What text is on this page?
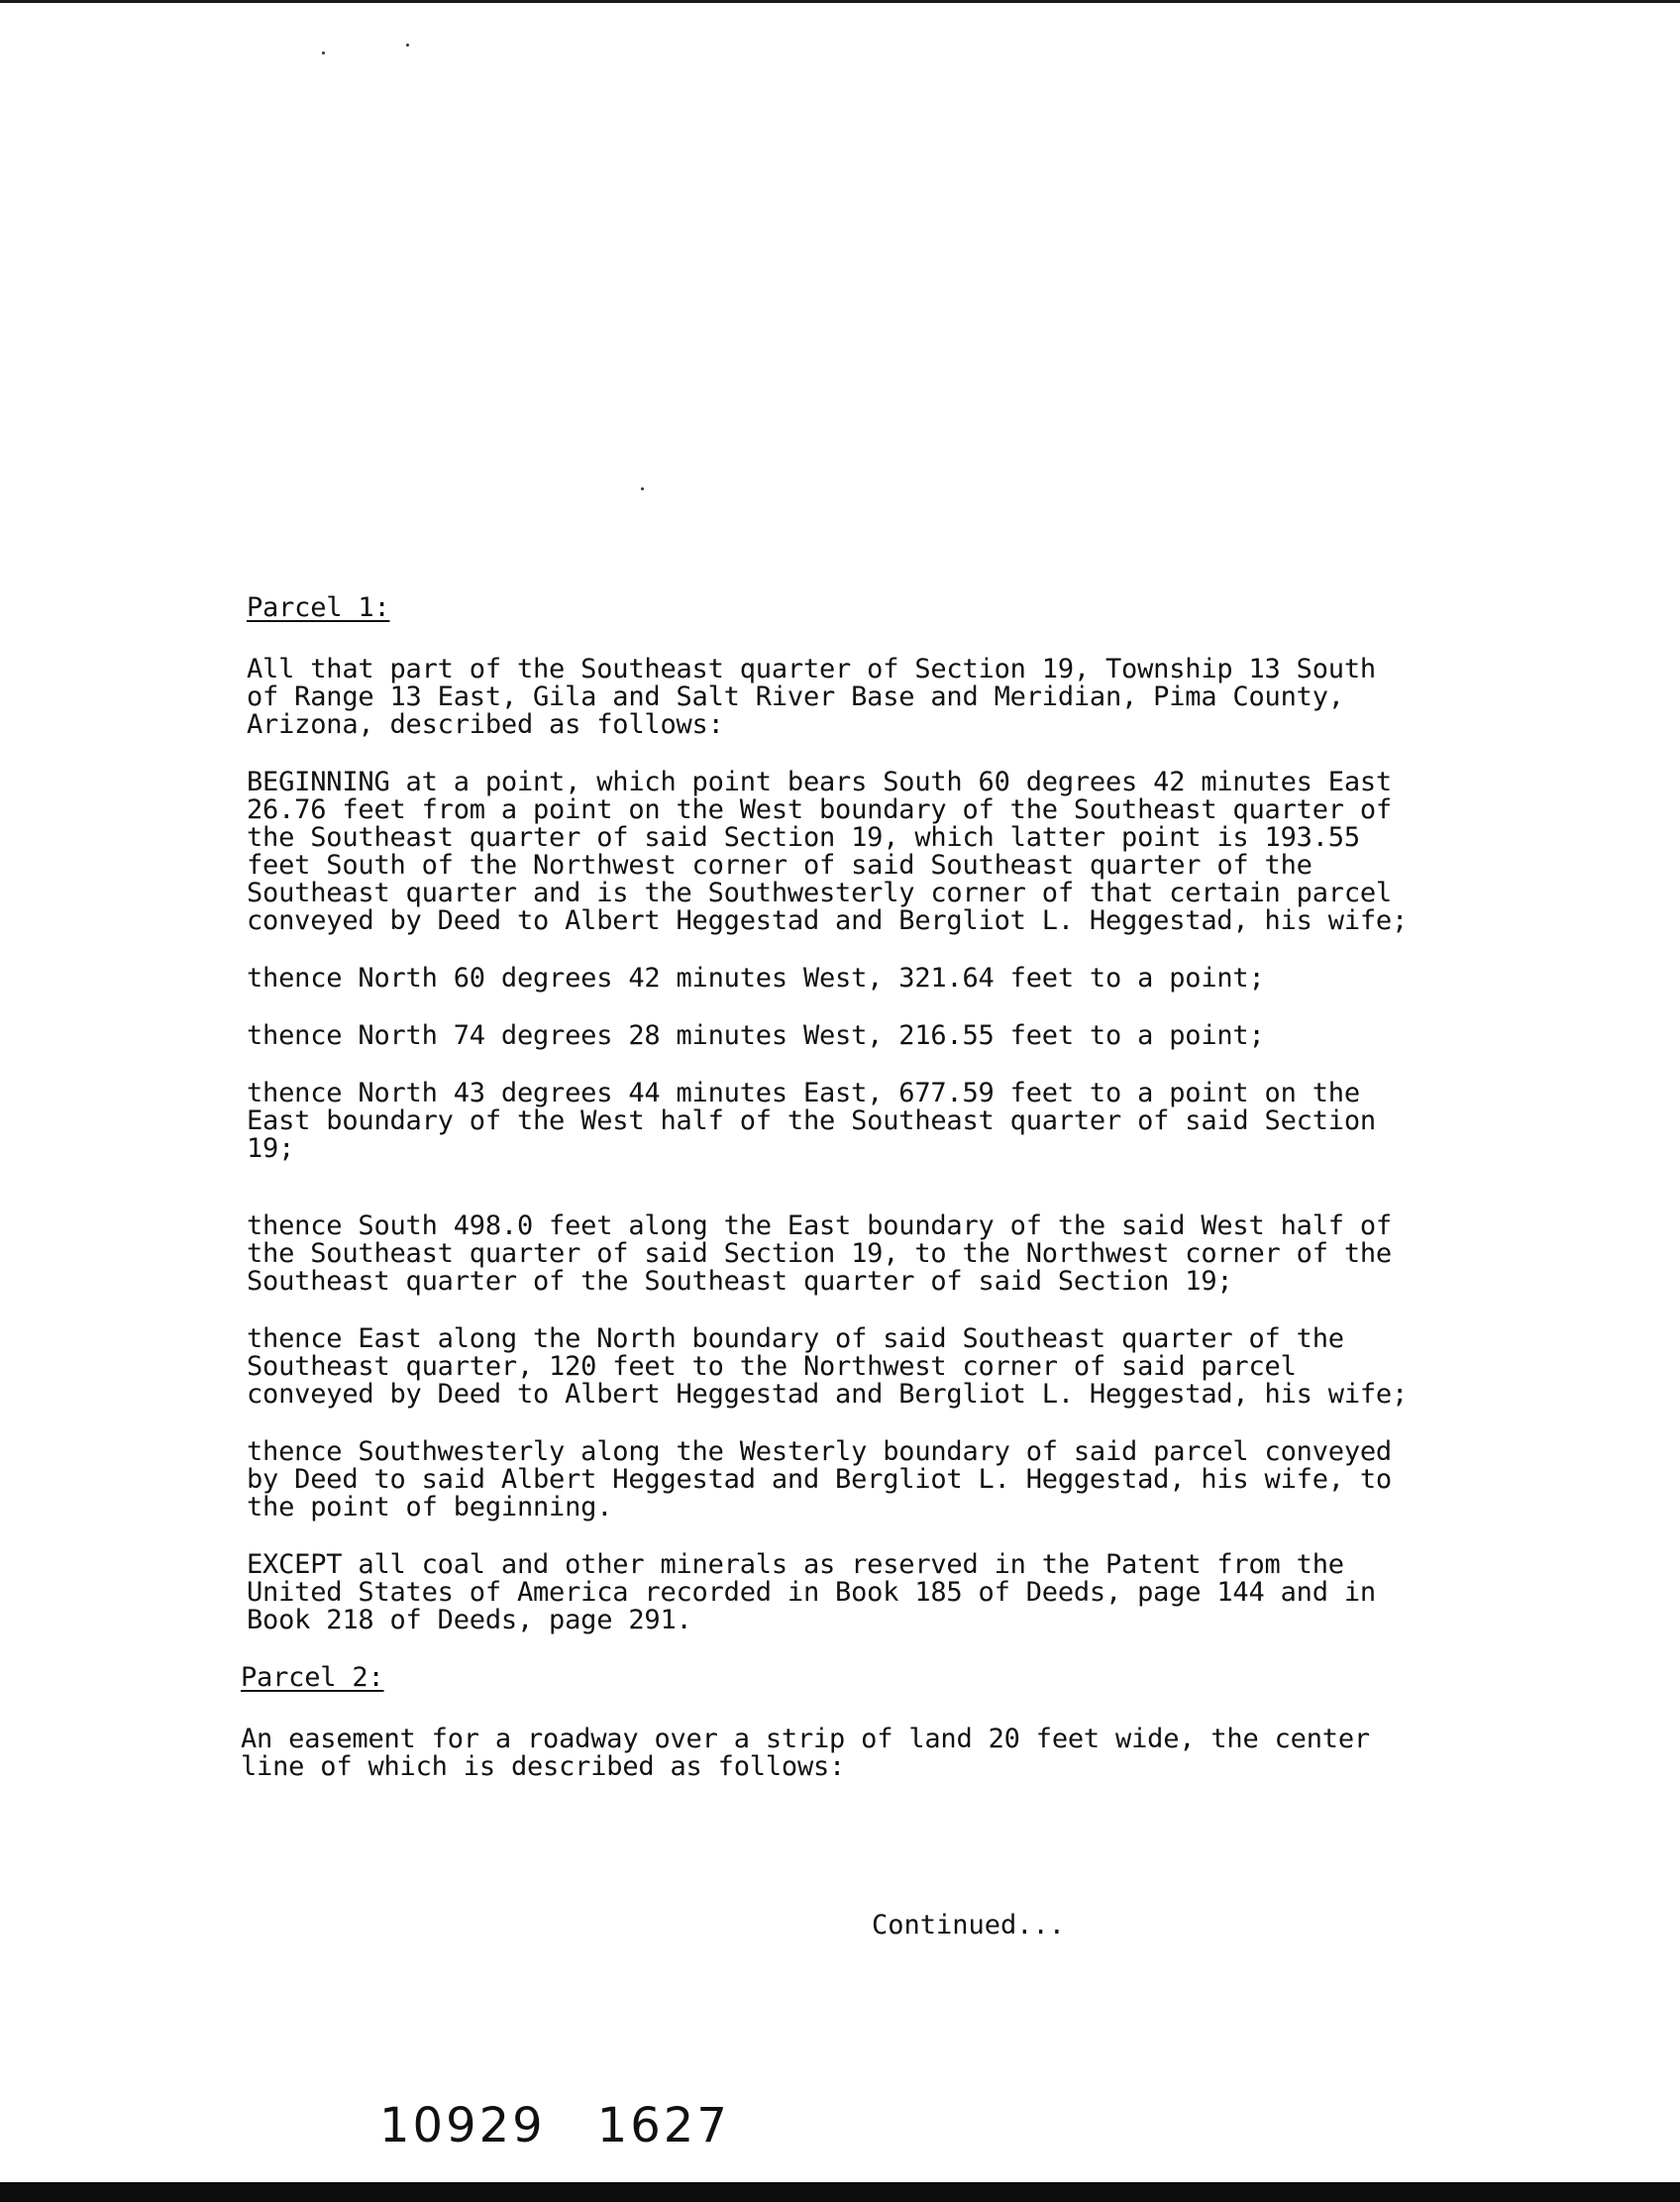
Parcel 1:

All that part of the Southeast quarter of Section 19, Township 13 South
of Range 13 East, Gila and Salt River Base and Meridian, Pima County,
Arizona, described as follows:

BEGINNING at a point, which point bears South 60 degrees 42 minutes East
26.76 feet from a point on the West boundary of the Southeast quarter of
the Southeast quarter of said Section 19, which latter point is 193.55
feet South of the Northwest corner of said Southeast quarter of the
Southeast quarter and is the Southwesterly corner of that certain parcel
conveyed by Deed to Albert Heggestad and Bergliot L. Heggestad, his wife;

thence North 60 degrees 42 minutes West, 321.64 feet to a point;

thence North 74 degrees 28 minutes West, 216.55 feet to a point;

thence North 43 degrees 44 minutes East, 677.59 feet to a point on the
East boundary of the West half of the Southeast quarter of said Section
19;

thence South 498.0 feet along the East boundary of the said West half of
the Southeast quarter of said Section 19, to the Northwest corner of the
Southeast quarter of the Southeast quarter of said Section 19;

thence East along the North boundary of said Southeast quarter of the
Southeast quarter, 120 feet to the Northwest corner of said parcel
conveyed by Deed to Albert Heggestad and Bergliot L. Heggestad, his wife;

thence Southwesterly along the Westerly boundary of said parcel conveyed
by Deed to said Albert Heggestad and Bergliot L. Heggestad, his wife, to
the point of beginning.

EXCEPT all coal and other minerals as reserved in the Patent from the
United States of America recorded in Book 185 of Deeds, page 144 and in
Book 218 of Deeds, page 291.

Parcel 2:

An easement for a roadway over a strip of land 20 feet wide, the center
line of which is described as follows:

Continued...
10929 1627
